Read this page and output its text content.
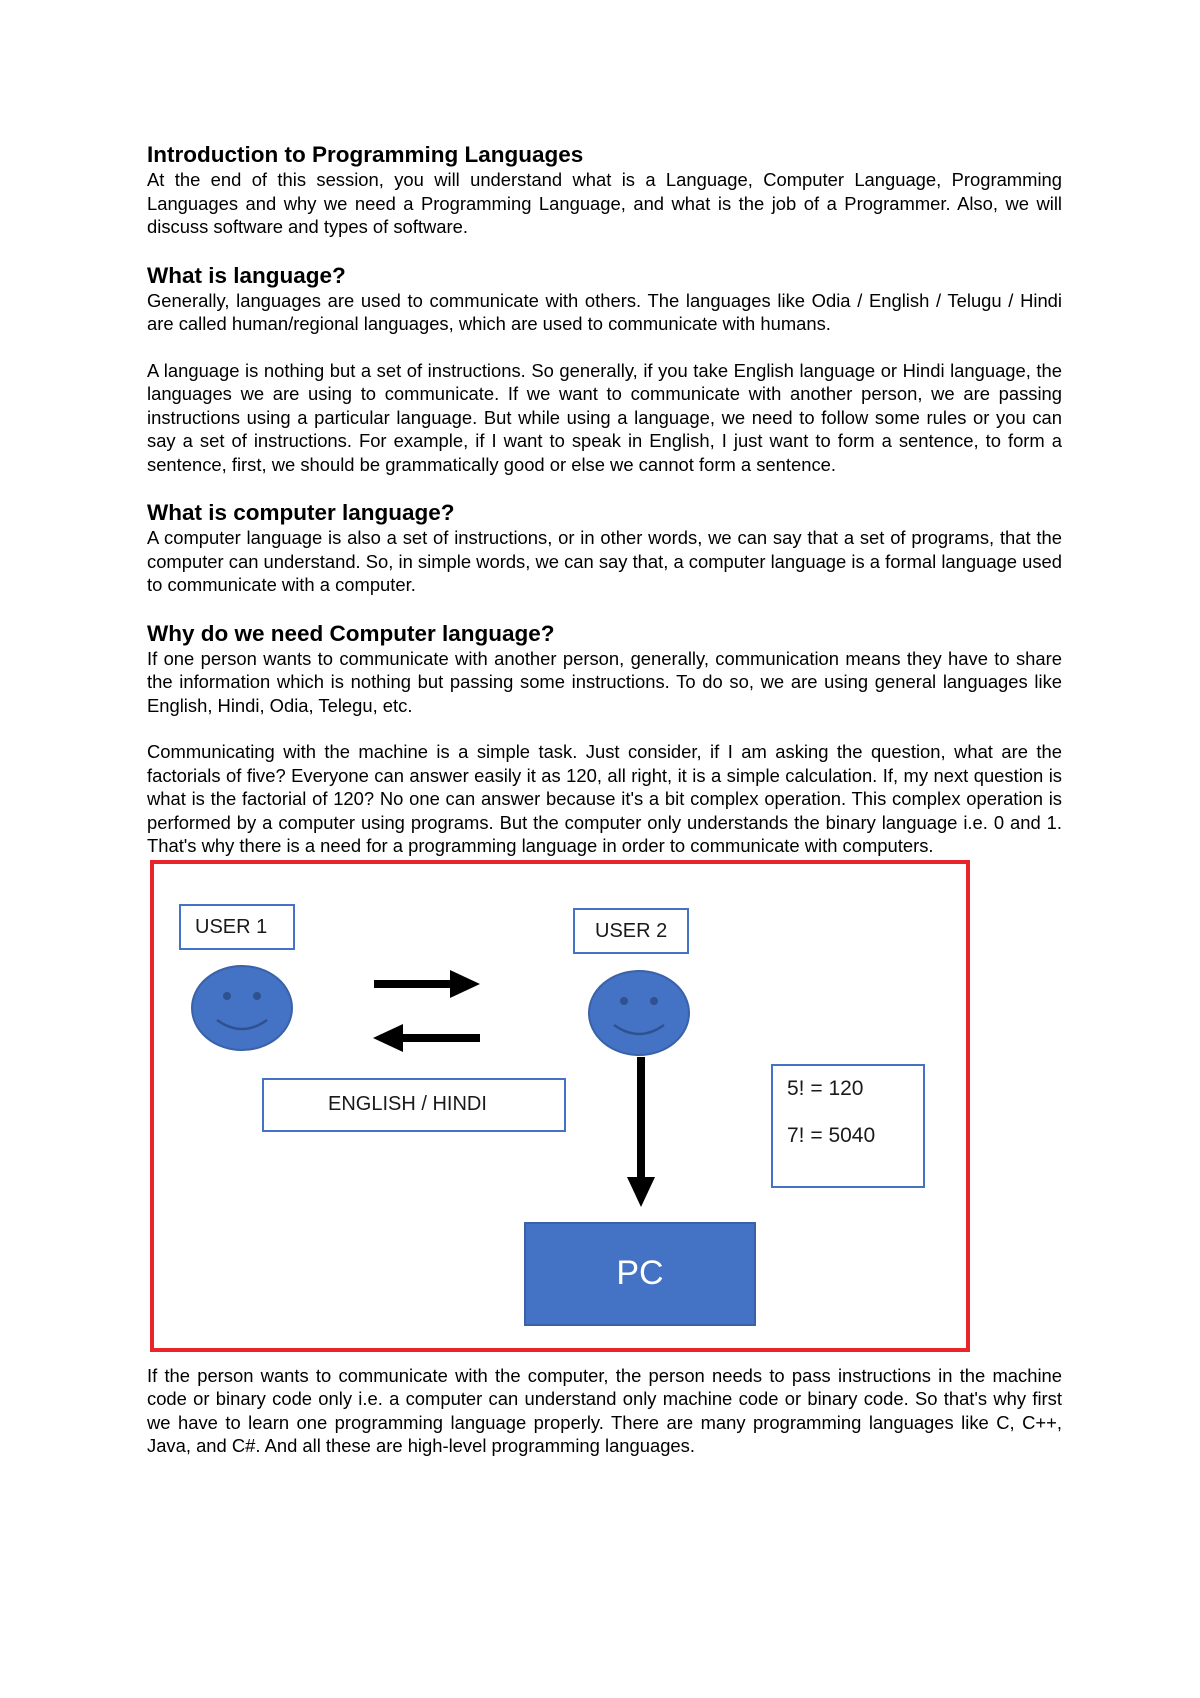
Introduction to Programming Languages

At the end of this session, you will understand what is a Language, Computer Language, Programming Languages and why we need a Programming Language, and what is the job of a Programmer. Also, we will discuss software and types of software.

What is language?

Generally, languages are used to communicate with others. The languages like Odia / English / Telugu / Hindi are called human/regional languages, which are used to communicate with humans.

A language is nothing but a set of instructions. So generally, if you take English language or Hindi language, the languages we are using to communicate. If we want to communicate with another person, we are passing instructions using a particular language. But while using a language, we need to follow some rules or you can say a set of instructions. For example, if I want to speak in English, I just want to form a sentence, to form a sentence, first, we should be grammatically good or else we cannot form a sentence.

What is computer language?

A computer language is also a set of instructions, or in other words, we can say that a set of programs, that the computer can understand. So, in simple words, we can say that, a computer language is a formal language used to communicate with a computer.

Why do we need Computer language?

If one person wants to communicate with another person, generally, communication means they have to share the information which is nothing but passing some instructions. To do so, we are using general languages like English, Hindi, Odia, Telegu, etc.

Communicating with the machine is a simple task. Just consider, if I am asking the question, what are the factorials of five? Everyone can answer easily it as 120, all right, it is a simple calculation. If, my next question is what is the factorial of 120? No one can answer because it's a bit complex operation. This complex operation is performed by a computer using programs. But the computer only understands the binary language i.e. 0 and 1. That's why there is a need for a programming language in order to communicate with computers.

USER 1	USER 2
ENGLISH / HINDI
5! = 120
7! = 5040
PC

If the person wants to communicate with the computer, the person needs to pass instructions in the machine code or binary code only i.e. a computer can understand only machine code or binary code. So that's why first we have to learn one programming language properly. There are many programming languages like C, C++, Java, and C#. And all these are high-level programming languages.
